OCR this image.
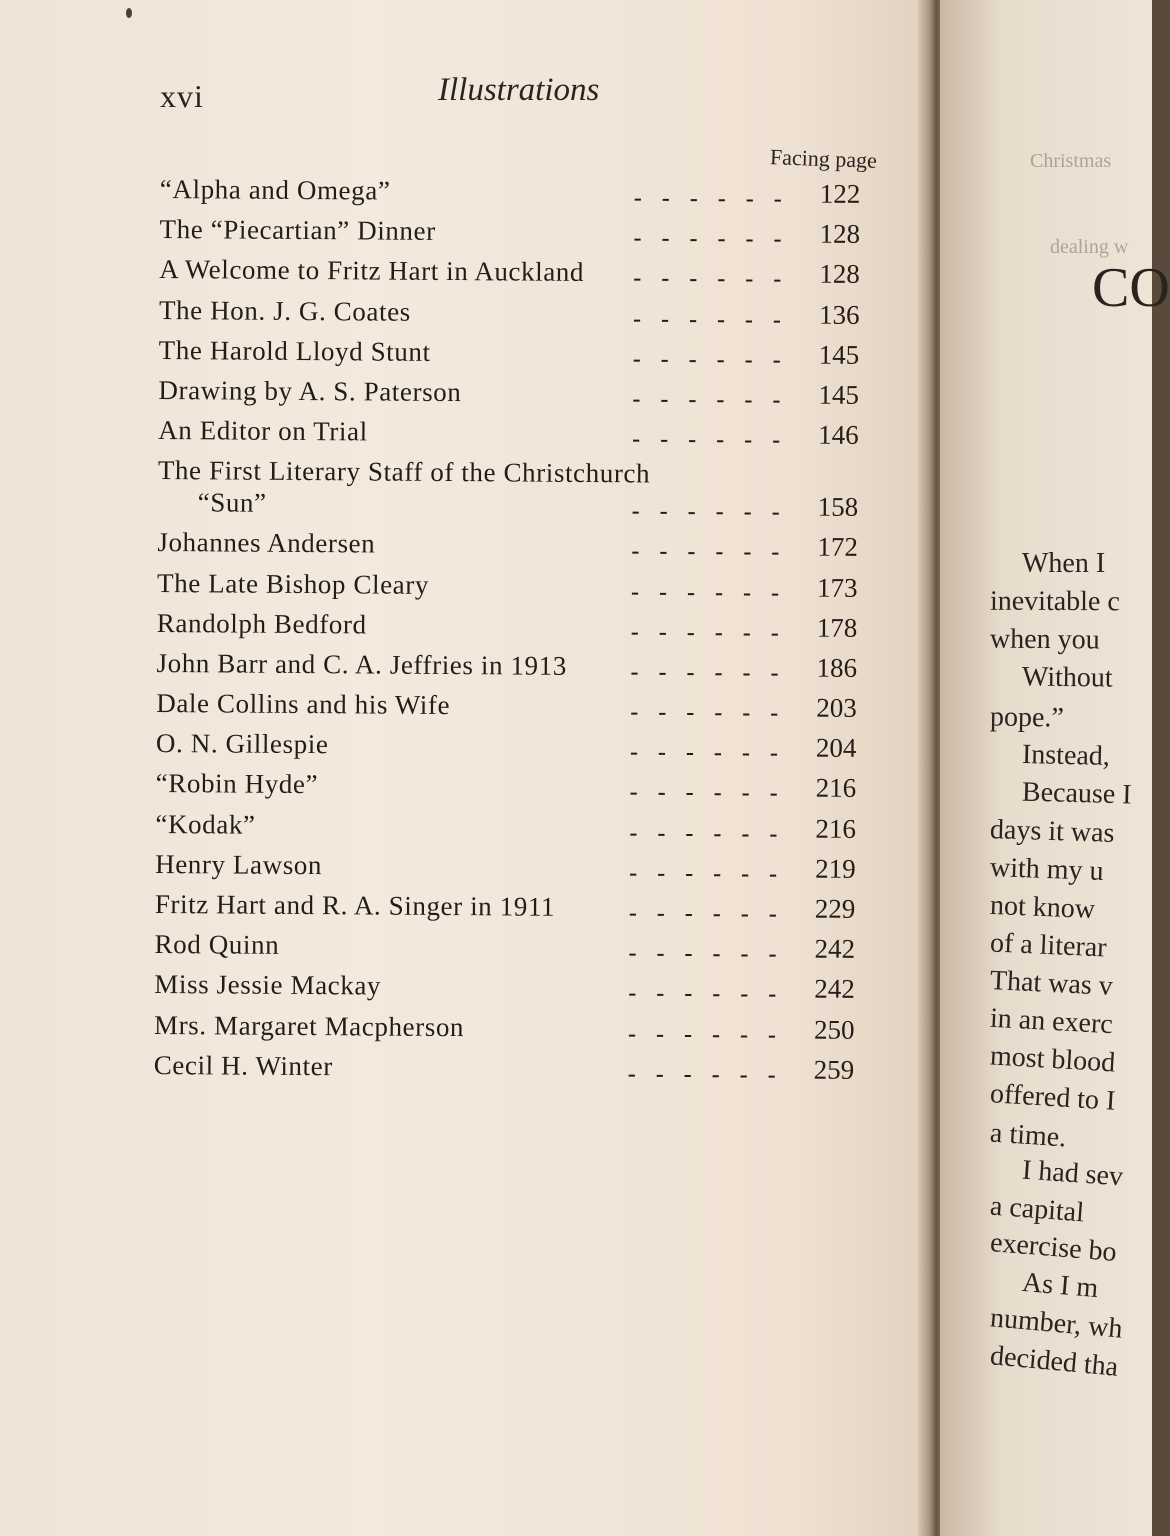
xvi	Illustrations
Facing page
“Alpha and Omega”	------ 122
The “Piecartian” Dinner	------ 128
A Welcome to Fritz Hart in Auckland	------ 128
The Hon. J. G. Coates	------ 136
The Harold Lloyd Stunt	------ 145
Drawing by A. S. Paterson	------ 145
An Editor on Trial	------ 146
The First Literary Staff of the Christchurch
“Sun”	------ 158
Johannes Andersen	------ 172
The Late Bishop Cleary	------ 173
Randolph Bedford	------ 178
John Barr and C. A. Jeffries in 1913	------ 186
Dale Collins and his Wife	------ 203
O. N. Gillespie	------ 204
“Robin Hyde”	------ 216
“Kodak”	------ 216
Henry Lawson	------ 219
Fritz Hart and R. A. Singer in 1911	------ 229
Rod Quinn	------ 242
Miss Jessie Mackay	------ 242
Mrs. Margaret Macpherson	------ 250
Cecil H. Winter	------ 259
Christmas
dealing w
CO
When I
inevitable c
when you
Without
pope.”
Instead,
Because I
days it was
with my u
not know
of a literar
That was v
in an exerc
most blood
offered to I
a time.
I had sev
a capital
exercise bo
As I m
number, wh
decided tha
